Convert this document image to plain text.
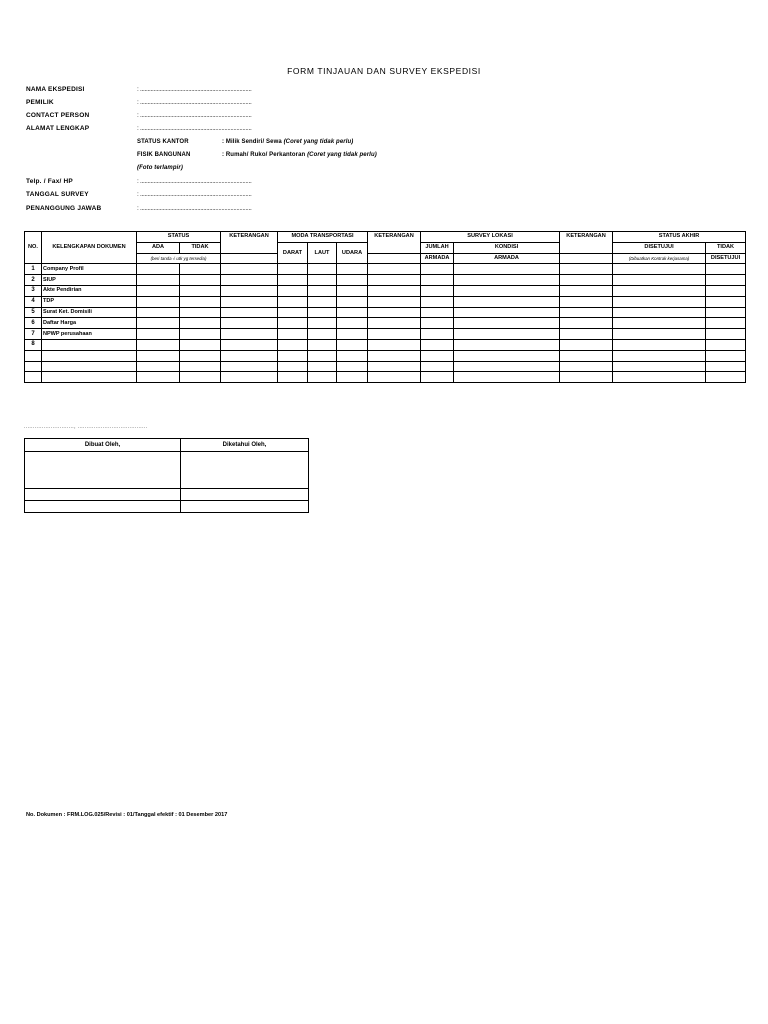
FORM TINJAUAN DAN SURVEY EKSPEDISI
NAMA EKSPEDISI	: ..........................................................................
PEMILIK	: ..........................................................................
CONTACT PERSON	: ..........................................................................
ALAMAT LENGKAP	: ..........................................................................
STATUS KANTOR	: Milik Sendiri/ Sewa (Coret yang tidak perlu)
FISIK BANGUNAN	: Rumah/ Ruko/ Perkantoran (Coret yang tidak perlu)
(Foto terlampir)
Telp. / Fax/ HP	: ..........................................................................
TANGGAL SURVEY	: ..........................................................................
PENANGGUNG JAWAB	: ..........................................................................
NO.	KELENGKAPAN DOKUMEN	STATUS		KETERANGAN	MODA TRANSPORTASI			KETERANGAN	SURVEY LOKASI		KETERANGAN	STATUS AKHIR	
		ADA	TIDAK		DARAT	LAUT	UDARA		JUMLAH	KONDISI		DISETUJUI	TIDAK
		(beri tanda √ utk yg tersedia)							ARMADA	ARMADA		(Dibuatkan Kontrak kerjasama)	DISETUJUI
1	Company Profil												
2	SIUP												
3	Akte Pendirian												
4	TDP												
5	Surat Ket. Domisili												
6	Daftar Harga												
7	NPWP perusahaan												
8													

............................, .......................................
Dibuat Oleh,	Diketahui Oleh,

No. Dokumen : FRM.LOG.025/Revisi : 01/Tanggal efektif : 01 Desember 2017
